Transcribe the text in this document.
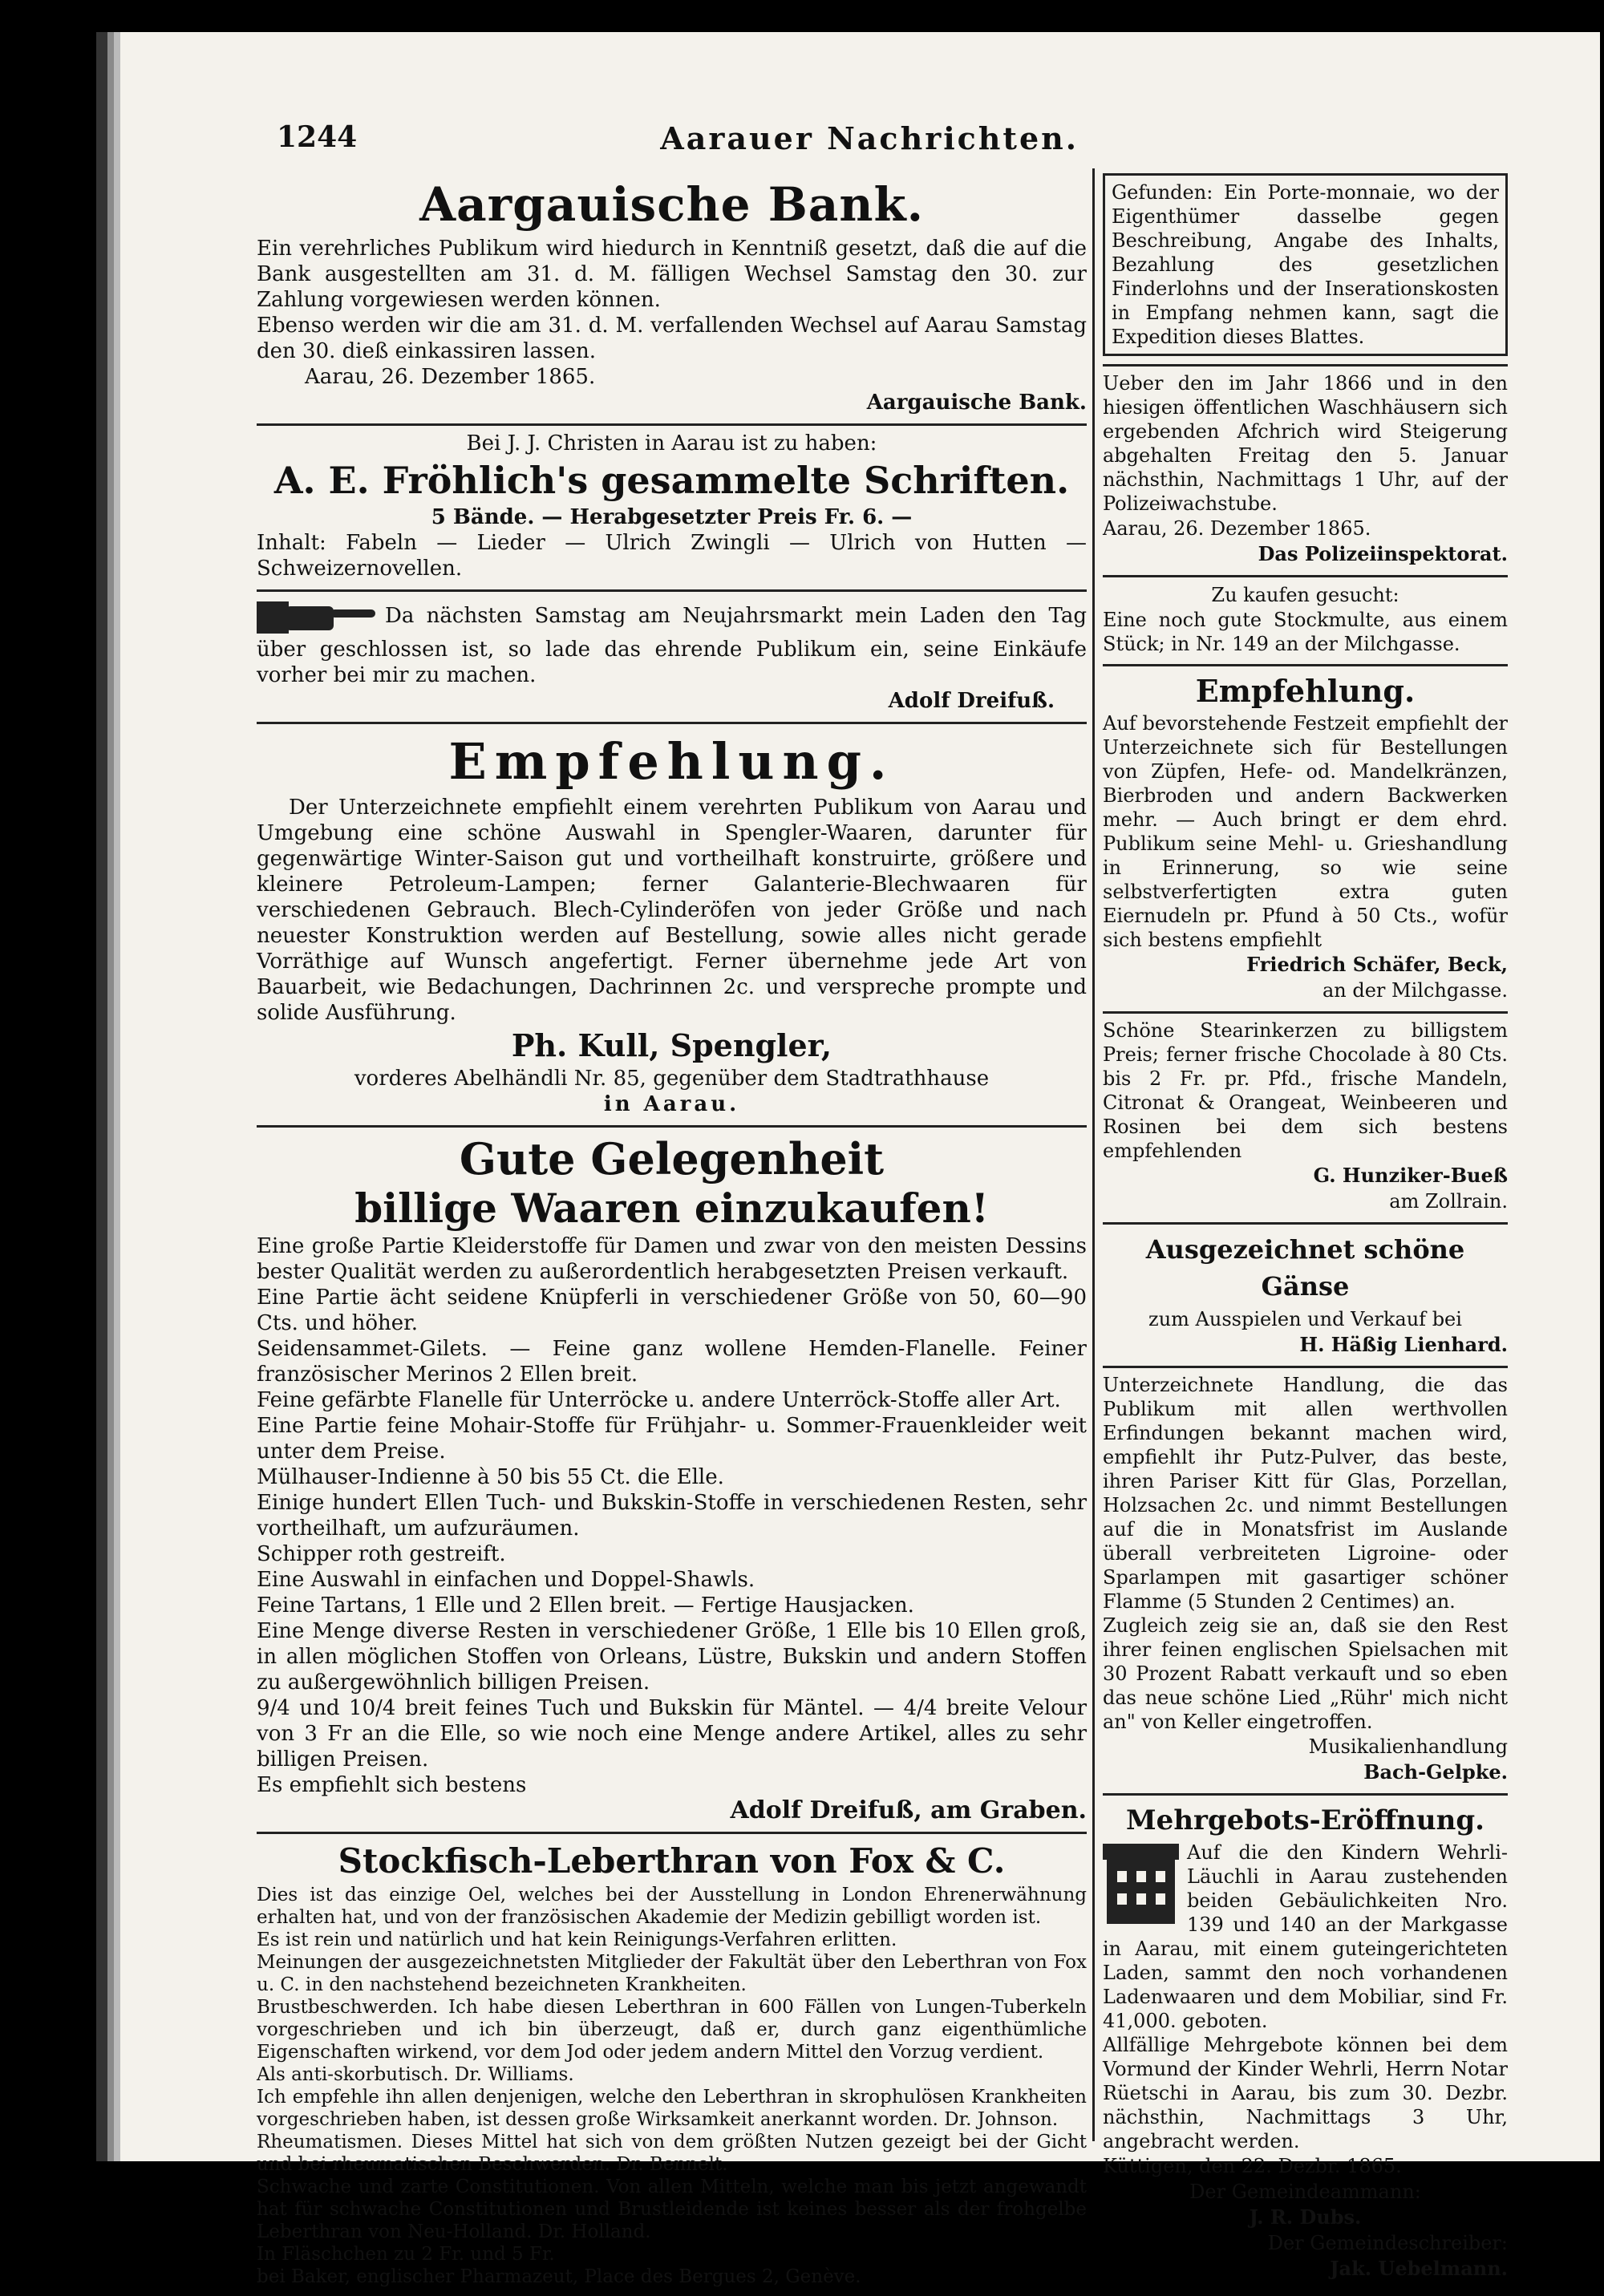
1244	Aarauer Nachrichten.
Aargauische Bank.

Ein verehrliches Publikum wird hiedurch in Kenntniß gesetzt, daß die auf die Bank ausgestellten am 31. d. M. fälligen Wechsel Samstag den 30. zur Zahlung vorgewiesen werden können.

Ebenso werden wir die am 31. d. M. verfallenden Wechsel auf Aarau Samstag den 30. dieß einkassiren lassen.

Aarau, 26. Dezember 1865.

Aargauische Bank.

Bei J. J. Christen in Aarau ist zu haben:

A. E. Fröhlich's gesammelte Schriften.

5 Bände. — Herabgesetzter Preis Fr. 6. —

Inhalt: Fabeln — Lieder — Ulrich Zwingli — Ulrich von Hutten — Schweizernovellen.

Da nächsten Samstag am Neujahrsmarkt mein Laden den Tag über geschlossen ist, so lade das ehrende Publikum ein, seine Einkäufe vorher bei mir zu machen.

Adolf Dreifuß.

Empfehlung.

Der Unterzeichnete empfiehlt einem verehrten Publikum von Aarau und Umgebung eine schöne Auswahl in Spengler-Waaren, darunter für gegenwärtige Winter-Saison gut und vortheilhaft konstruirte, größere und kleinere Petroleum-Lampen; ferner Galanterie-Blechwaaren für verschiedenen Gebrauch. Blech-Cylinderöfen von jeder Größe und nach neuester Konstruktion werden auf Bestellung, sowie alles nicht gerade Vorräthige auf Wunsch angefertigt. Ferner übernehme jede Art von Bauarbeit, wie Bedachungen, Dachrinnen 2c. und verspreche prompte und solide Ausführung.

Ph. Kull, Spengler,

vorderes Abelhändli Nr. 85, gegenüber dem Stadtrathhause

in Aarau.

Gute Gelegenheit
billige Waaren einzukaufen!

Eine große Partie Kleiderstoffe für Damen und zwar von den meisten Dessins bester Qualität werden zu außerordentlich herabgesetzten Preisen verkauft.

Eine Partie ächt seidene Knüpferli in verschiedener Größe von 50, 60—90 Cts. und höher.

Seidensammet-Gilets. — Feine ganz wollene Hemden-Flanelle. Feiner französischer Merinos 2 Ellen breit.

Feine gefärbte Flanelle für Unterröcke u. andere Unterröck-Stoffe aller Art.

Eine Partie feine Mohair-Stoffe für Frühjahr- u. Sommer-Frauenkleider weit unter dem Preise.

Mülhauser-Indienne à 50 bis 55 Ct. die Elle.

Einige hundert Ellen Tuch- und Bukskin-Stoffe in verschiedenen Resten, sehr vortheilhaft, um aufzuräumen.

Schipper roth gestreift.

Eine Auswahl in einfachen und Doppel-Shawls.

Feine Tartans, 1 Elle und 2 Ellen breit. — Fertige Hausjacken.

Eine Menge diverse Resten in verschiedener Größe, 1 Elle bis 10 Ellen groß, in allen möglichen Stoffen von Orleans, Lüstre, Bukskin und andern Stoffen zu außergewöhnlich billigen Preisen.

9/4 und 10/4 breit feines Tuch und Bukskin für Mäntel. — 4/4 breite Velour von 3 Fr an die Elle, so wie noch eine Menge andere Artikel, alles zu sehr billigen Preisen.

Es empfiehlt sich bestens

Adolf Dreifuß, am Graben.

Stockfisch-Leberthran von Fox & C.

Dies ist das einzige Oel, welches bei der Ausstellung in London Ehrenerwähnung erhalten hat, und von der französischen Akademie der Medizin gebilligt worden ist.

Es ist rein und natürlich und hat kein Reinigungs-Verfahren erlitten.

Meinungen der ausgezeichnetsten Mitglieder der Fakultät über den Leberthran von Fox u. C. in den nachstehend bezeichneten Krankheiten.

Brustbeschwerden. Ich habe diesen Leberthran in 600 Fällen von Lungen-Tuberkeln vorgeschrieben und ich bin überzeugt, daß er, durch ganz eigenthümliche Eigenschaften wirkend, vor dem Jod oder jedem andern Mittel den Vorzug verdient.

Als anti-skorbutisch. Dr. Williams.

Ich empfehle ihn allen denjenigen, welche den Leberthran in skrophulösen Krankheiten vorgeschrieben haben, ist dessen große Wirksamkeit anerkannt worden. Dr. Johnson.

Rheumatismen. Dieses Mittel hat sich von dem größten Nutzen gezeigt bei der Gicht und bei rheumatischen Beschwerden. Dr. Bennelt.

Schwache und zarte Constitutionen. Von allen Mitteln, welche man bis jetzt angewandt hat für schwache Constitutionen und Brustleidende ist keines besser als der frohgelbe Leberthran von Neu-Holland. Dr. Holland.

In Fläschchen zu 2 Fr. und 5 Fr.

bei Baker, englischer Pharmazeut, Place des Bergues 2, Genève.

Gefunden: Ein Porte-monnaie, wo der Eigenthümer dasselbe gegen Beschreibung, Angabe des Inhalts, Bezahlung des gesetzlichen Finderlohns und der Inserationskosten in Empfang nehmen kann, sagt die Expedition dieses Blattes.

Ueber den im Jahr 1866 und in den hiesigen öffentlichen Waschhäusern sich ergebenden Afchrich wird Steigerung abgehalten Freitag den 5. Januar nächsthin, Nachmittags 1 Uhr, auf der Polizeiwachstube.

Aarau, 26. Dezember 1865.

Das Polizeiinspektorat.

Zu kaufen gesucht:

Eine noch gute Stockmulte, aus einem Stück; in Nr. 149 an der Milchgasse.

Empfehlung.

Auf bevorstehende Festzeit empfiehlt der Unterzeichnete sich für Bestellungen von Züpfen, Hefe- od. Mandelkränzen, Bierbroden und andern Backwerken mehr. — Auch bringt er dem ehrd. Publikum seine Mehl- u. Grieshandlung in Erinnerung, so wie seine selbstverfertigten extra guten Eiernudeln pr. Pfund à 50 Cts., wofür sich bestens empfiehlt

Friedrich Schäfer, Beck,

an der Milchgasse.

Schöne Stearinkerzen zu billigstem Preis; ferner frische Chocolade à 80 Cts. bis 2 Fr. pr. Pfd., frische Mandeln, Citronat & Orangeat, Weinbeeren und Rosinen bei dem sich bestens empfehlenden

G. Hunziker-Bueß

am Zollrain.

Ausgezeichnet schöne Gänse

zum Ausspielen und Verkauf bei

H. Häßig Lienhard.

Unterzeichnete Handlung, die das Publikum mit allen werthvollen Erfindungen bekannt machen wird, empfiehlt ihr Putz-Pulver, das beste, ihren Pariser Kitt für Glas, Porzellan, Holzsachen 2c. und nimmt Bestellungen auf die in Monatsfrist im Auslande überall verbreiteten Ligroine- oder Sparlampen mit gasartiger schöner Flamme (5 Stunden 2 Centimes) an.

Zugleich zeig sie an, daß sie den Rest ihrer feinen englischen Spielsachen mit 30 Prozent Rabatt verkauft und so eben das neue schöne Lied „Rühr' mich nicht an" von Keller eingetroffen.

Musikalienhandlung

Bach-Gelpke.

Mehrgebots-Eröffnung.

Auf die den Kindern Wehrli-Läuchli in Aarau zustehenden beiden Gebäulichkeiten Nro. 139 und 140 an der Markgasse in Aarau, mit einem guteingerichteten Laden, sammt den noch vorhandenen Ladenwaaren und dem Mobiliar, sind Fr. 41,000. geboten.

Allfällige Mehrgebote können bei dem Vormund der Kinder Wehrli, Herrn Notar Rüetschi in Aarau, bis zum 30. Dezbr. nächsthin, Nachmittags 3 Uhr, angebracht werden.

Küttigen, den 22. Dezbr. 1865.

Der Gemeindeammann:

J. R. Dubs.

Der Gemeindeschreiber:

Jak. Uebelmann.
